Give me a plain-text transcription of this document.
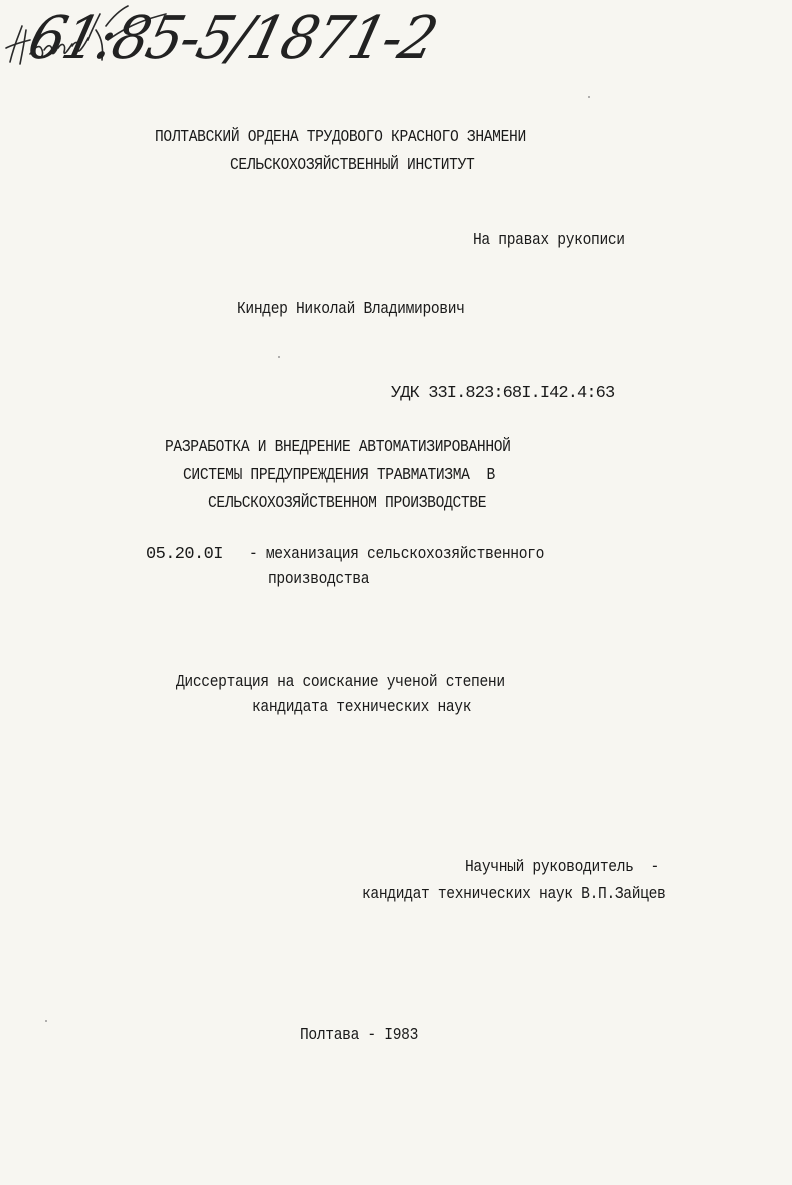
61:85-5/1871-2
ПОЛТАВСКИЙ ОРДЕНА ТРУДОВОГО КРАСНОГО ЗНАМЕНИ
СЕЛЬСКОХОЗЯЙСТВЕННЫЙ ИНСТИТУТ
На правах рукописи
Киндер Николай Владимирович
УДК 33I.823:68I.I42.4:63
РАЗРАБОТКА И ВНЕДРЕНИЕ АВТОМАТИЗИРОВАННОЙ
СИСТЕМЫ ПРЕДУПРЕЖДЕНИЯ ТРАВМАТИЗМА  В
СЕЛЬСКОХОЗЯЙСТВЕННОМ ПРОИЗВОДСТВЕ
05.20.0I - механизация сельскохозяйственного
производства
Диссертация на соискание ученой степени
кандидата технических наук
Научный руководитель  -
кандидат технических наук В.П.Зайцев
Полтава - I983
